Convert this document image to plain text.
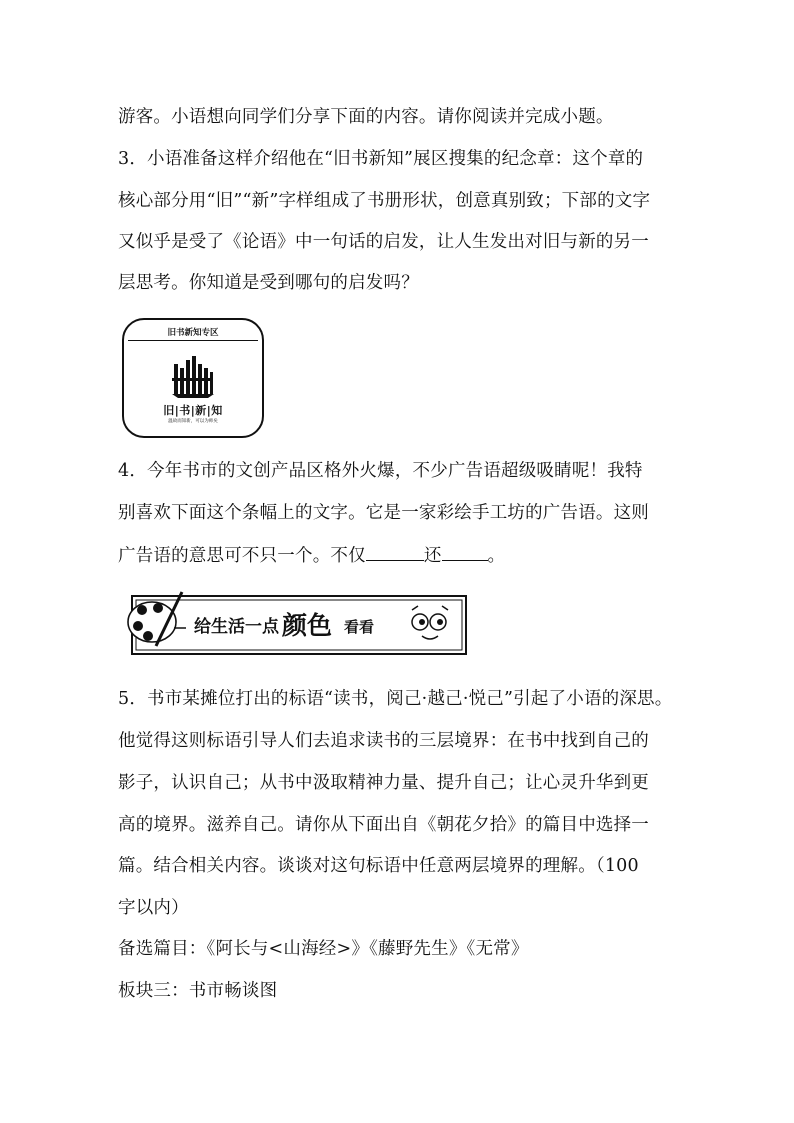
游客。小语想向同学们分享下面的内容。请你阅读并完成小题。
3．小语准备这样介绍他在“旧书新知”展区搜集的纪念章：这个章的
核心部分用“旧”“新”字样组成了书册形状，创意真别致；下部的文字
又似乎是受了《论语》中一句话的启发，让人生发出对旧与新的另一
层思考。你知道是受到哪句的启发吗？
旧书新知专区
旧|书|新|知
温故而知新，可以为师矣
4．今年书市的文创产品区格外火爆，不少广告语超级吸睛呢！我特
别喜欢下面这个条幅上的文字。它是一家彩绘手工坊的广告语。这则
广告语的意思可不只一个。不仅	还	。
给生活一点 颜色 看看
5．书市某摊位打出的标语“读书，阅己·越己·悦己”引起了小语的深思。
他觉得这则标语引导人们去追求读书的三层境界：在书中找到自己的
影子，认识自己；从书中汲取精神力量、提升自己；让心灵升华到更
高的境界。滋养自己。请你从下面出自《朝花夕拾》的篇目中选择一
篇。结合相关内容。谈谈对这句标语中任意两层境界的理解。（100
字以内）
备选篇目：《阿长与<山海经>》《藤野先生》《无常》
板块三：书市畅谈图
